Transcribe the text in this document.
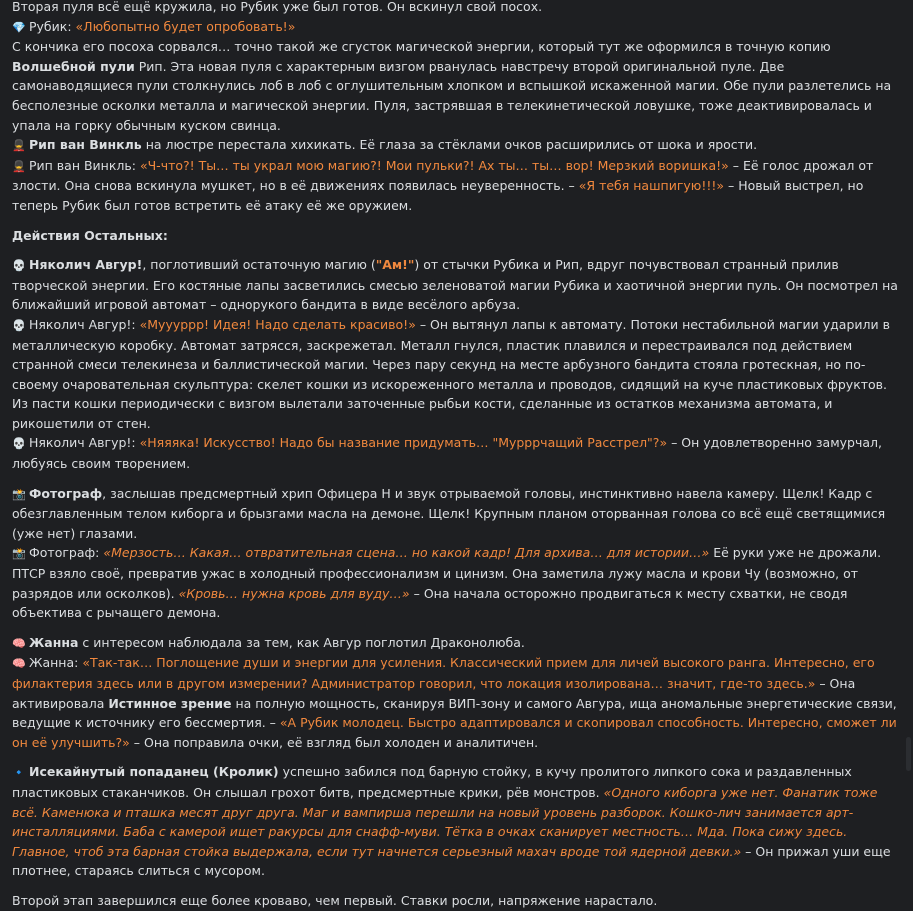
Вторая пуля всё ещё кружила, но Рубик уже был готов. Он вскинул свой посох.

💎 Рубик: «Любопытно будет опробовать!»

С кончика его посоха сорвался… точно такой же сгусток магической энергии, который тут же оформился в точную копию Волшебной пули Рип. Эта новая пуля с характерным визгом рванулась навстречу второй оригинальной пуле. Две самонаводящиеся пули столкнулись лоб в лоб с оглушительным хлопком и вспышкой искаженной магии. Обе пули разлетелись на бесполезные осколки металла и магической энергии. Пуля, застрявшая в телекинетической ловушке, тоже деактивировалась и упала на горку обычным куском свинца.

💂 Рип ван Винкль на люстре перестала хихикать. Её глаза за стёклами очков расширились от шока и ярости.

💂 Рип ван Винкль: «Ч-что?! Ты… ты украл мою магию?! Мои пульки?! Ах ты… ты… вор! Мерзкий воришка!» – Её голос дрожал от злости. Она снова вскинула мушкет, но в её движениях появилась неуверенность. – «Я тебя нашпигую!!!» – Новый выстрел, но теперь Рубик был готов встретить её атаку её же оружием.

Действия Остальных:

💀 Няколич Авгур!, поглотивший остаточную магию ("Ам!") от стычки Рубика и Рип, вдруг почувствовал странный прилив творческой энергии. Его костяные лапы засветились смесью зеленоватой магии Рубика и хаотичной энергии пуль. Он посмотрел на ближайший игровой автомат – однорукого бандита в виде весёлого арбуза.

💀 Няколич Авгур!: «Муууррр! Идея! Надо сделать красиво!» – Он вытянул лапы к автомату. Потоки нестабильной магии ударили в металлическую коробку. Автомат затрясся, заскрежетал. Металл гнулся, пластик плавился и перестраивался под действием странной смеси телекинеза и баллистической магии. Через пару секунд на месте арбузного бандита стояла гротескная, но по-своему очаровательная скульптура: скелет кошки из искореженного металла и проводов, сидящий на куче пластиковых фруктов. Из пасти кошки периодически с визгом вылетали заточенные рыбьи кости, сделанные из остатков механизма автомата, и рикошетили от стен.

💀 Няколич Авгур!: «Няяяка! Искусство! Надо бы название придумать… "Мурррчащий Расстрел"?» – Он удовлетворенно замурчал, любуясь своим творением.

📸 Фотограф, заслышав предсмертный хрип Офицера Н и звук отрываемой головы, инстинктивно навела камеру. Щелк! Кадр с обезглавленным телом киборга и брызгами масла на демоне. Щелк! Крупным планом оторванная голова со всё ещё светящимися (уже нет) глазами.

📸 Фотограф: «Мерзость… Какая… отвратительная сцена… но какой кадр! Для архива… для истории…» Её руки уже не дрожали. ПТСР взяло своё, превратив ужас в холодный профессионализм и цинизм. Она заметила лужу масла и крови Чу (возможно, от разрядов или осколков). «Кровь… нужна кровь для вуду…» – Она начала осторожно продвигаться к месту схватки, не сводя объектива с рычащего демона.

🧠 Жанна с интересом наблюдала за тем, как Авгур поглотил Драконолюба.

🧠 Жанна: «Так-так… Поглощение души и энергии для усиления. Классический прием для личей высокого ранга. Интересно, его филактерия здесь или в другом измерении? Администратор говорил, что локация изолирована… значит, где-то здесь.» – Она активировала Истинное зрение на полную мощность, сканируя ВИП-зону и самого Авгура, ища аномальные энергетические связи, ведущие к источнику его бессмертия. – «А Рубик молодец. Быстро адаптировался и скопировал способность. Интересно, сможет ли он её улучшить?» – Она поправила очки, её взгляд был холоден и аналитичен.

🔹 Исекайнутый попаданец (Кролик) успешно забился под барную стойку, в кучу пролитого липкого сока и раздавленных пластиковых стаканчиков. Он слышал грохот битв, предсмертные крики, рёв монстров. «Одного киборга уже нет. Фанатик тоже всё. Каменюка и пташка месят друг друга. Маг и вампирша перешли на новый уровень разборок. Кошко-лич занимается арт-инсталляциями. Баба с камерой ищет ракурсы для снафф-муви. Тётка в очках сканирует местность… Мда. Пока сижу здесь. Главное, чтоб эта барная стойка выдержала, если тут начнется серьезный махач вроде той ядерной девки.» – Он прижал уши еще плотнее, стараясь слиться с мусором.

Второй этап завершился еще более кроваво, чем первый. Ставки росли, напряжение нарастало.
